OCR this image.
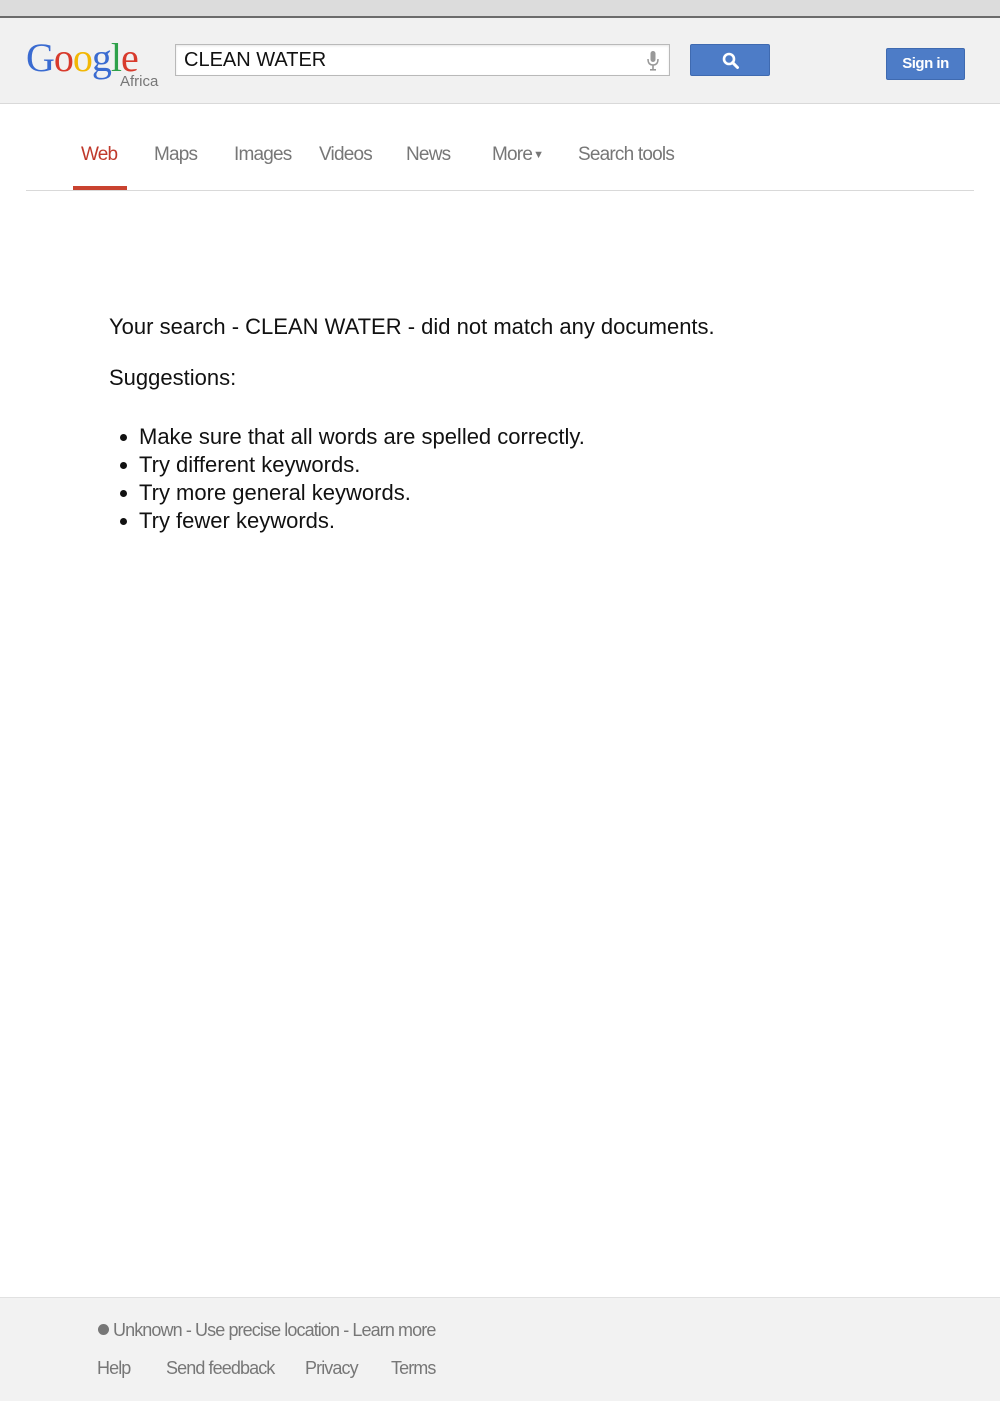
Google
Africa
CLEAN WATER
Sign in
Web Maps Images Videos News More▼ Search tools
Your search - CLEAN WATER - did not match any documents.
Suggestions:
Make sure that all words are spelled correctly.
Try different keywords.
Try more general keywords.
Try fewer keywords.
Unknown - Use precise location - Learn more
Help Send feedback Privacy Terms
